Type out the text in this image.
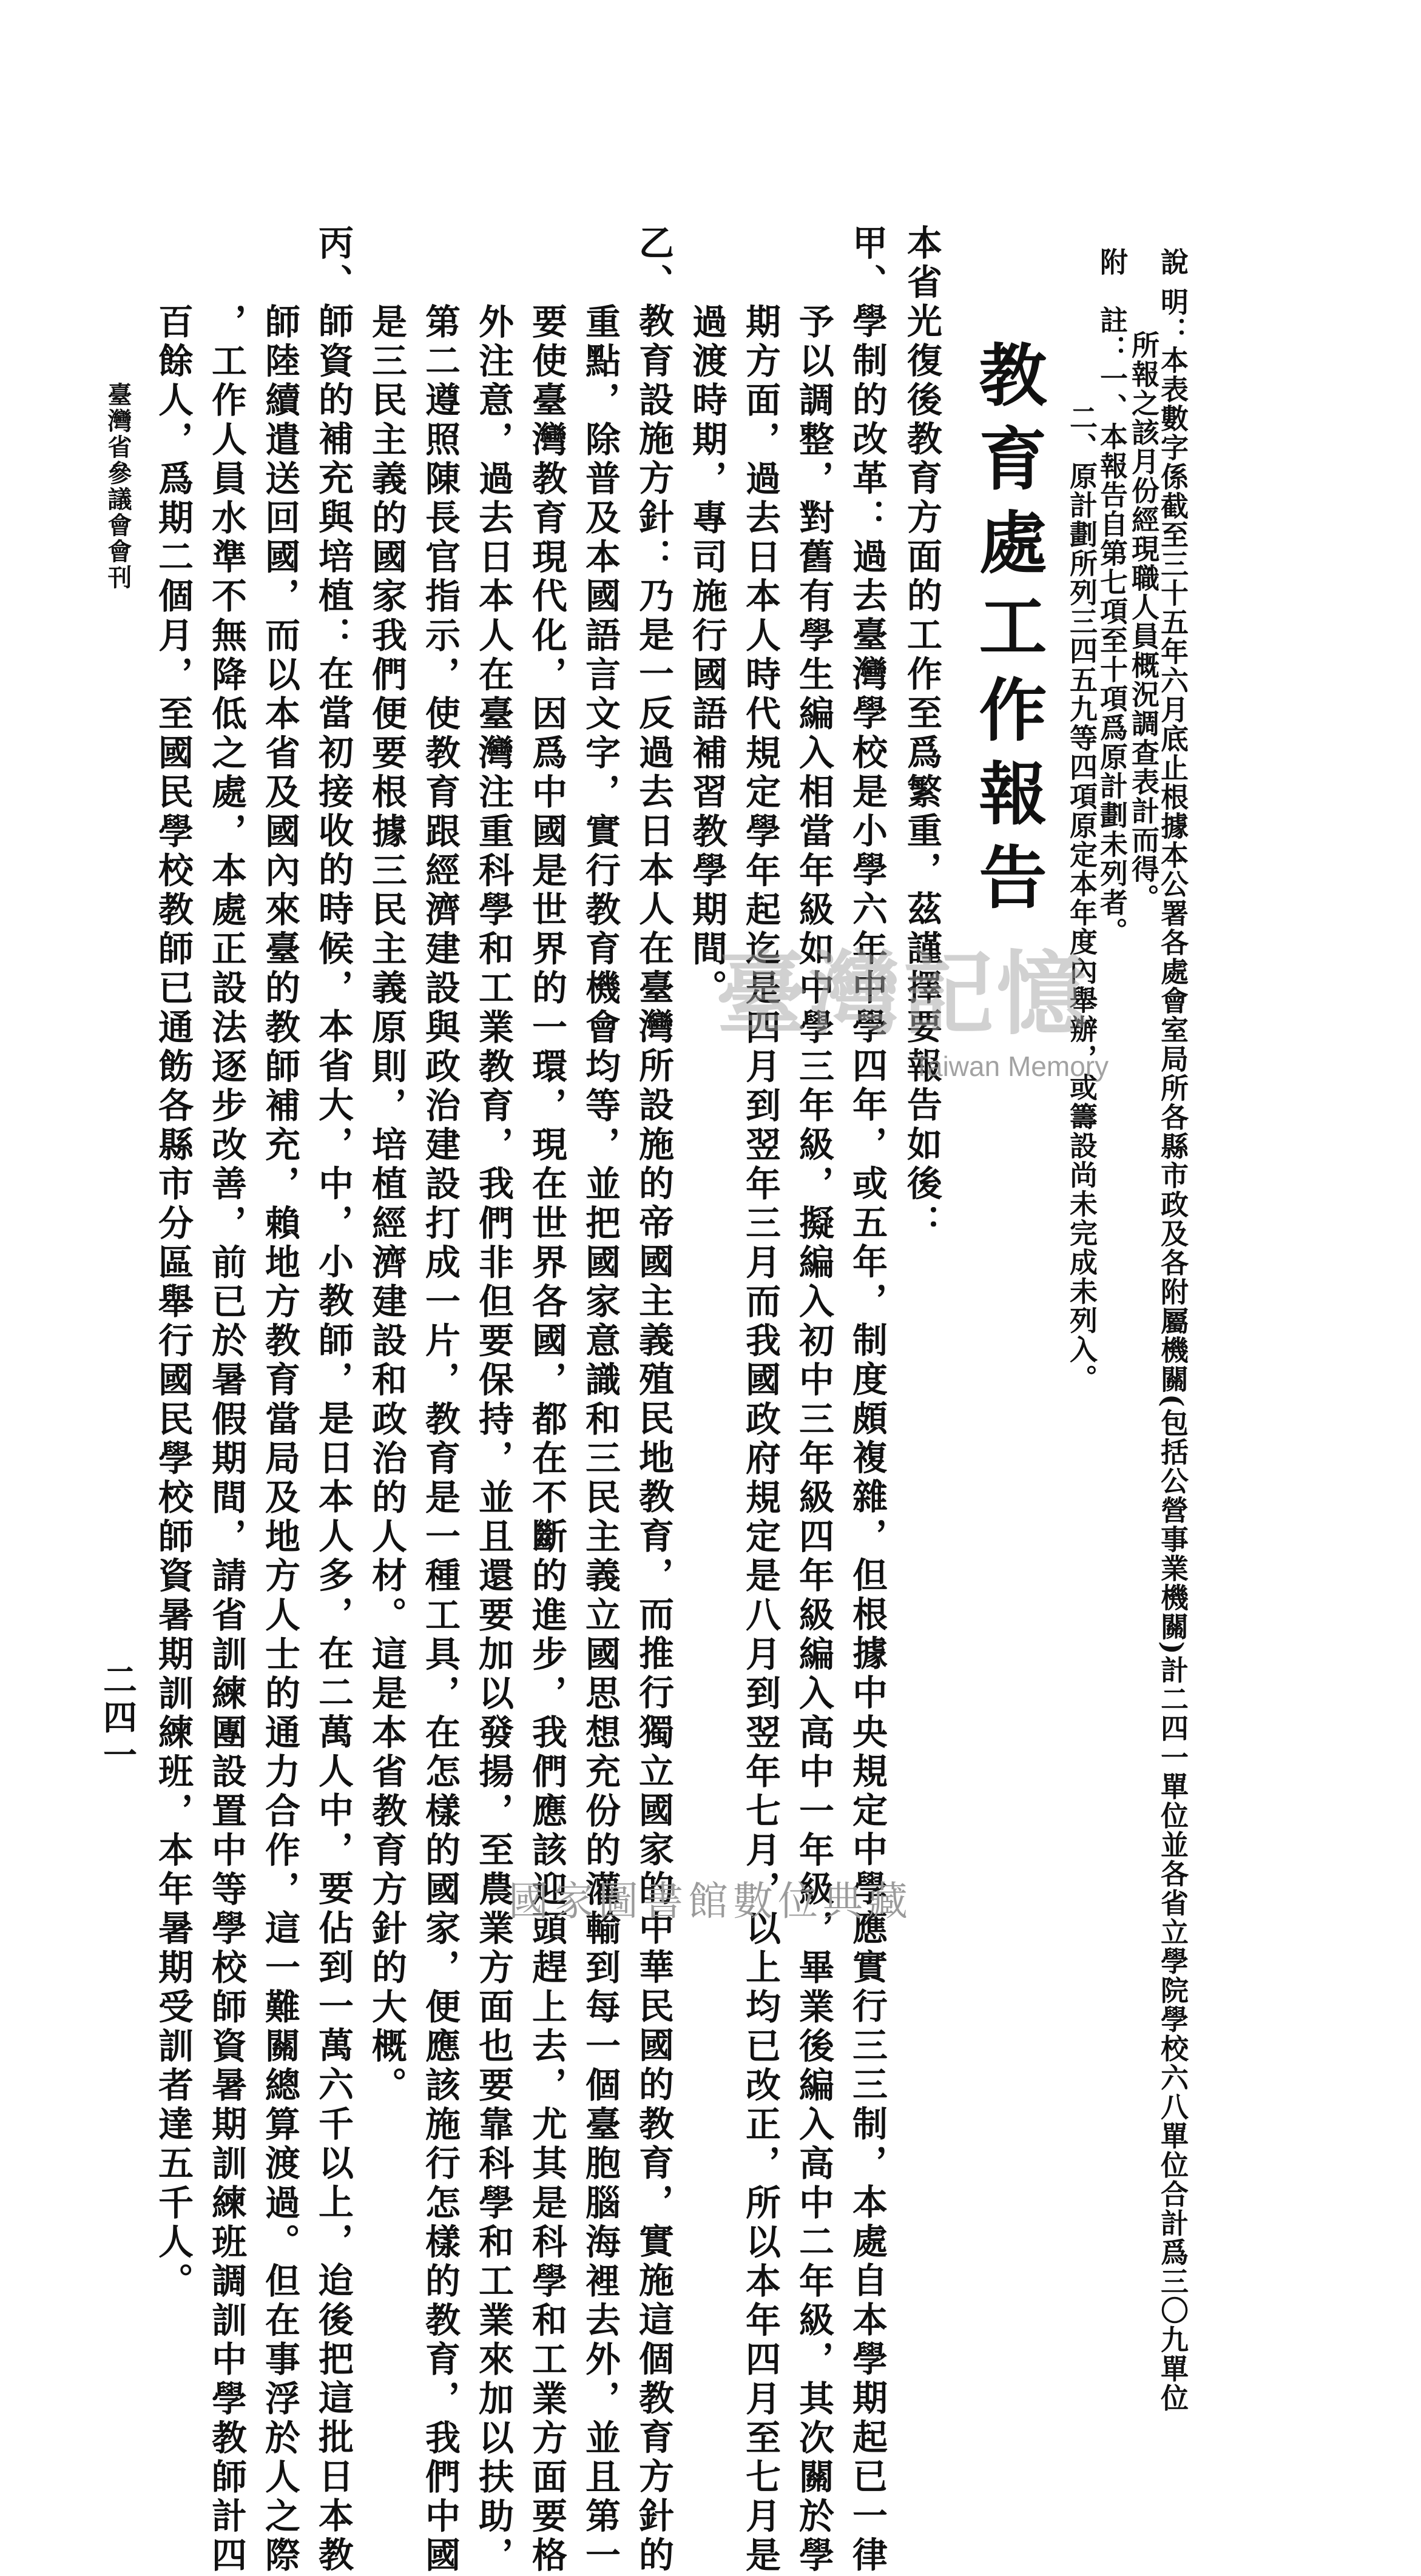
說 明：本表數字係截至三十五年六月底止根據本公署各處會室局所各縣市政及各附屬機關(包括公營事業機關)計二四一單位並各省立學院學校六八單位合計爲三〇九單位
所報之該月份經現職人員概況調查表計而得。
附　註：一、本報告自第七項至十項爲原計劃未列者。
二、原計劃所列三四五九等四項原定本年度內舉辦，或籌設尚未完成未列入。
教育處工作報告
本省光復後教育方面的工作至爲繁重，茲謹擇要報告如後：
甲、學制的改革：過去臺灣學校是小學六年中學四年，或五年，制度頗複雜，但根據中央規定中學應實行三三制，本處自本學期起已一律
予以調整，對舊有學生編入相當年級如中學三年級，擬編入初中三年級四年級編入高中一年級，畢業後編入高中二年級，其次關於學
期方面，過去日本人時代規定學年起迄是四月到翌年三月而我國政府規定是八月到翌年七月，以上均已改正，所以本年四月至七月是
過渡時期，專司施行國語補習教學期間。
乙、教育設施方針：乃是一反過去日本人在臺灣所設施的帝國主義殖民地教育，而推行獨立國家的中華民國的教育，實施這個教育方針的
重點，除普及本國語言文字，實行教育機會均等，並把國家意識和三民主義立國思想充份的灌輸到每一個臺胞腦海裡去外，並且第一
要使臺灣教育現代化，因爲中國是世界的一環，現在世界各國，都在不斷的進步，我們應該迎頭趕上去，尤其是科學和工業方面要格
外注意，過去日本人在臺灣注重科學和工業教育，我們非但要保持，並且還要加以發揚，至農業方面也要靠科學和工業來加以扶助，
第二遵照陳長官指示，使教育跟經濟建設與政治建設打成一片，教育是一種工具，在怎樣的國家，便應該施行怎樣的教育，我們中國
是三民主義的國家我們便要根據三民主義原則，培植經濟建設和政治的人材。這是本省教育方針的大概。
丙、師資的補充與培植：在當初接收的時候，本省大，中，小教師，是日本人多，在二萬人中，要佔到一萬六千以上，迨後把這批日本教
師陸續遣送回國，而以本省及國內來臺的教師補充，賴地方教育當局及地方人士的通力合作，這一難關總算渡過。但在事浮於人之際
，工作人員水準不無降低之處，本處正設法逐步改善，前已於暑假期間，請省訓練團設置中等學校師資暑期訓練班調訓中學教師計四
百餘人，爲期二個月，至國民學校教師已通飭各縣市分區舉行國民學校師資暑期訓練班，本年暑期受訓者達五千人。
臺灣省參議會會刊
二四一
臺灣記憶
Taiwan Memory
國家圖書館數位典藏
